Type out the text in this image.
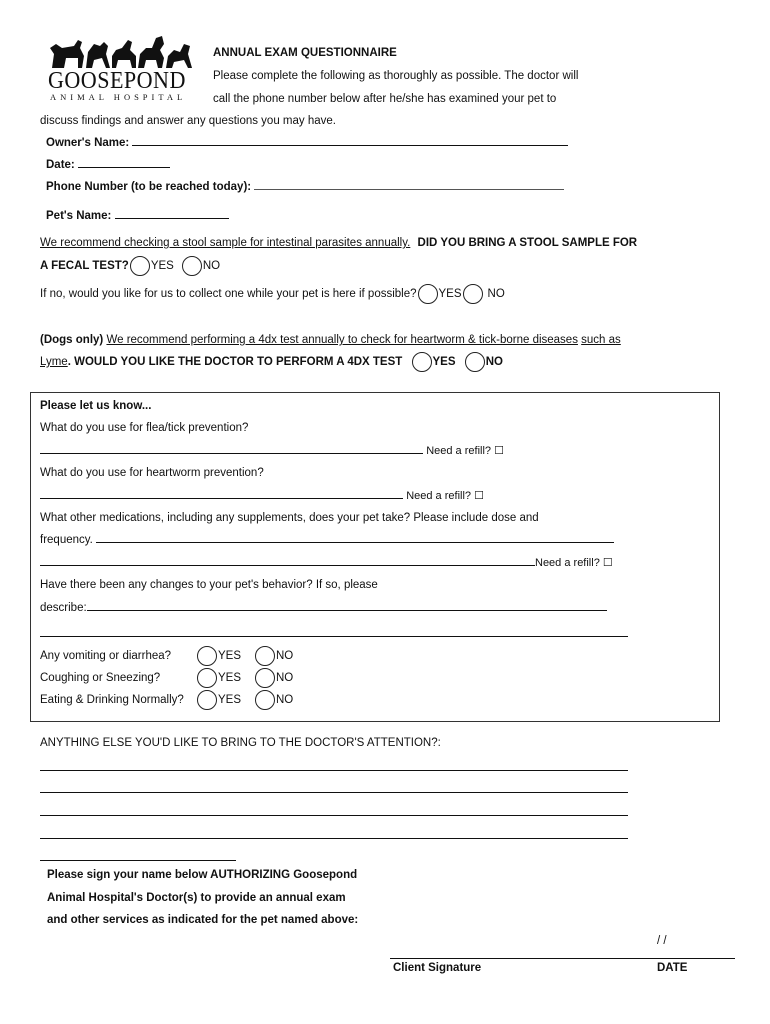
GOOSEPOND
ANIMAL HOSPITAL
ANNUAL EXAM QUESTIONNAIRE
Please complete the following as thoroughly as possible. The doctor will
call the phone number below after he/she has examined your pet to
discuss findings and answer any questions you may have.
Owner's Name:
Date:
Phone Number (to be reached today):
Pet's Name:
We recommend checking a stool sample for intestinal parasites annually. DID YOU BRING A STOOL SAMPLE FOR
A FECAL TEST? YES	NO
If no, would you like for us to collect one while your pet is here if possible? YES NO
(Dogs only) We recommend performing a 4dx test annually to check for heartworm & tick-borne diseases such as
Lyme. WOULD YOU LIKE THE DOCTOR TO PERFORM A 4DX TEST	YES	NO
Please let us know...
What do you use for flea/tick prevention?
Need a refill? ☐
What do you use for heartworm prevention?
Need a refill? ☐
What other medications, including any supplements, does your pet take? Please include dose and
frequency.
Need a refill? ☐
Have there been any changes to your pet's behavior? If so, please
describe:
Any vomiting or diarrhea?	YES	NO
Coughing or Sneezing?	YES	NO
Eating & Drinking Normally?	YES	NO
ANYTHING ELSE YOU'D LIKE TO BRING TO THE DOCTOR'S ATTENTION?:
Please sign your name below AUTHORIZING Goosepond
Animal Hospital's Doctor(s) to provide an annual exam
and other services as indicated for the pet named above:
/ /
Client Signature	DATE
